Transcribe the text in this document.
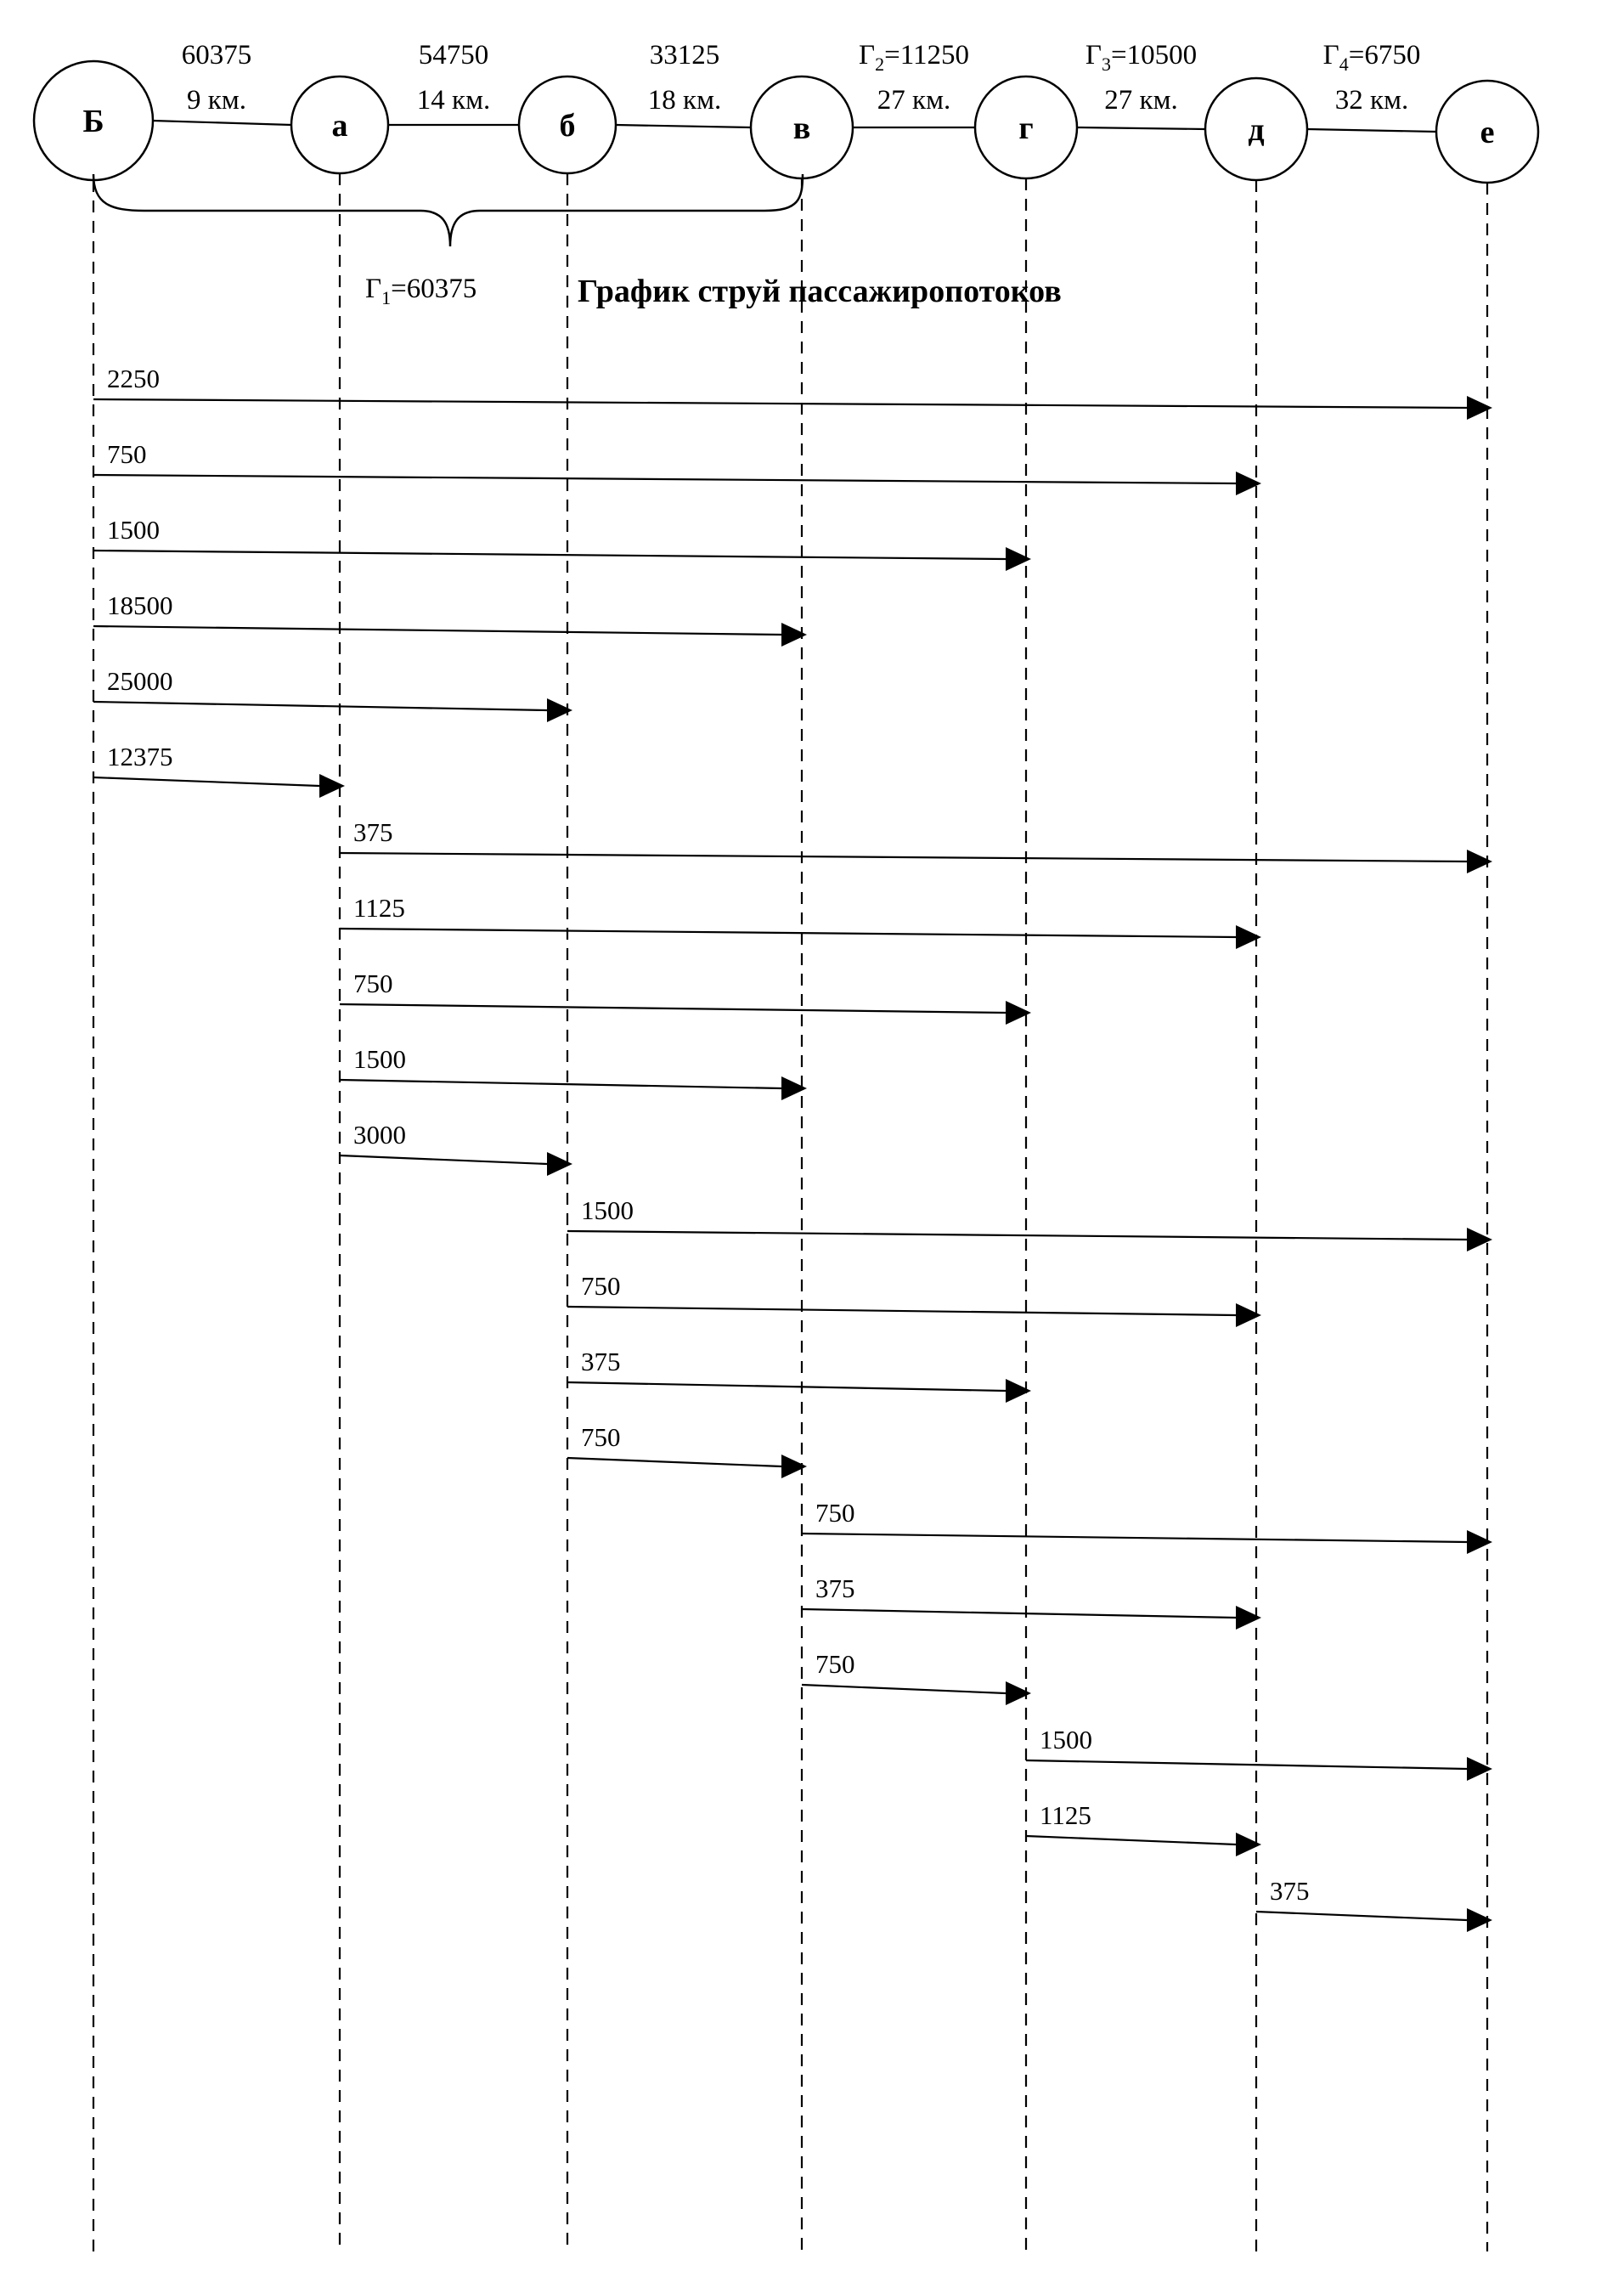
Б	а	б	в	г	д	е
60375
9 км.
54750
14 км.
33125
18 км.
$Г_2=11250$
27 км.
$Г_3=10500$
27 км.
$Г_4=6750$
32 км.
$Г_1=60375$	График струй пассажиропотоков
2250
750
1500
18500
25000
12375
375
1125
750
1500
3000
1500
750
375
750
750
375
750
1500
1125
375
